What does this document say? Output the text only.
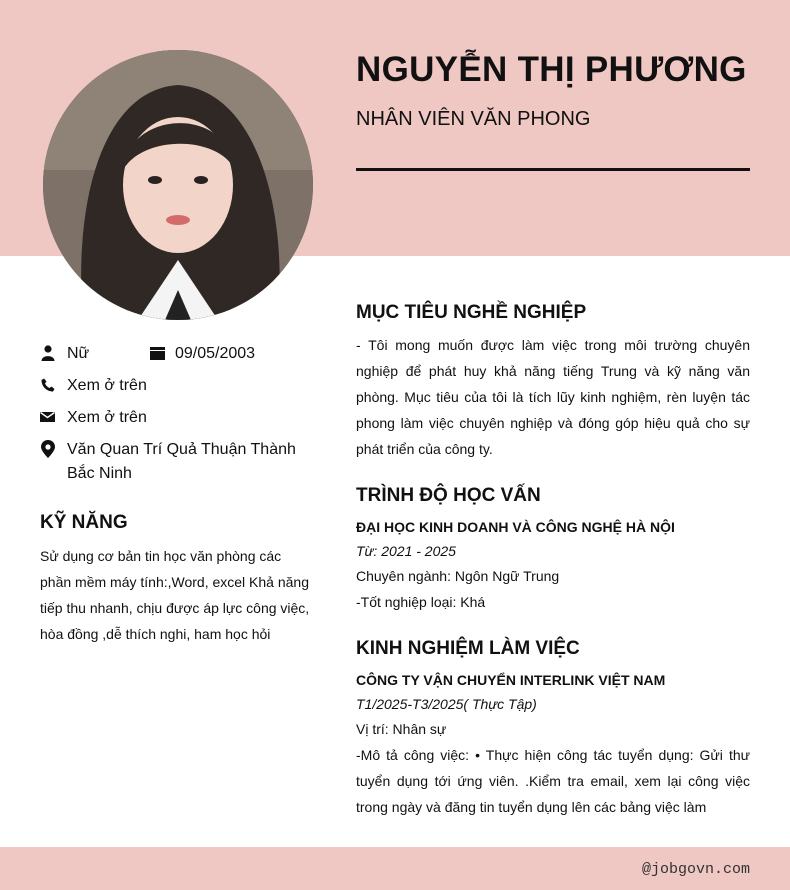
NGUYỄN THỊ PHƯƠNG
NHÂN VIÊN VĂN PHONG
Nữ	09/05/2003
Xem ở trên
Xem ở trên
Văn Quan Trí Quả Thuận Thành
Bắc Ninh
KỸ NĂNG
Sử dụng cơ bản tin học văn phòng các phần mềm máy tính:,Word, excel Khả năng tiếp thu nhanh, chịu được áp lực công việc, hòa đồng ,dễ thích nghi, ham học hỏi
MỤC TIÊU NGHỀ NGHIỆP
- Tôi mong muốn được làm việc trong môi trường chuyên nghiệp để phát huy khả năng tiếng Trung và kỹ năng văn phòng. Mục tiêu của tôi là tích lũy kinh nghiệm, rèn luyện tác phong làm việc chuyên nghiệp và đóng góp hiệu quả cho sự phát triển của công ty.
TRÌNH ĐỘ HỌC VẤN
ĐẠI HỌC KINH DOANH VÀ CÔNG NGHỆ HÀ NỘI
Từ: 2021 - 2025
Chuyên ngành: Ngôn Ngữ Trung
-Tốt nghiệp loại: Khá
KINH NGHIỆM LÀM VIỆC
CÔNG TY VẬN CHUYỂN INTERLINK VIỆT NAM
T1/2025-T3/2025( Thực Tập)
Vị trí: Nhân sự
-Mô tả công việc: • Thực hiện công tác tuyển dụng: Gửi thư tuyển dụng tới ứng viên. .Kiểm tra email, xem lại công việc trong ngày và đăng tin tuyển dụng lên các bảng việc làm
@jobgovn.com
